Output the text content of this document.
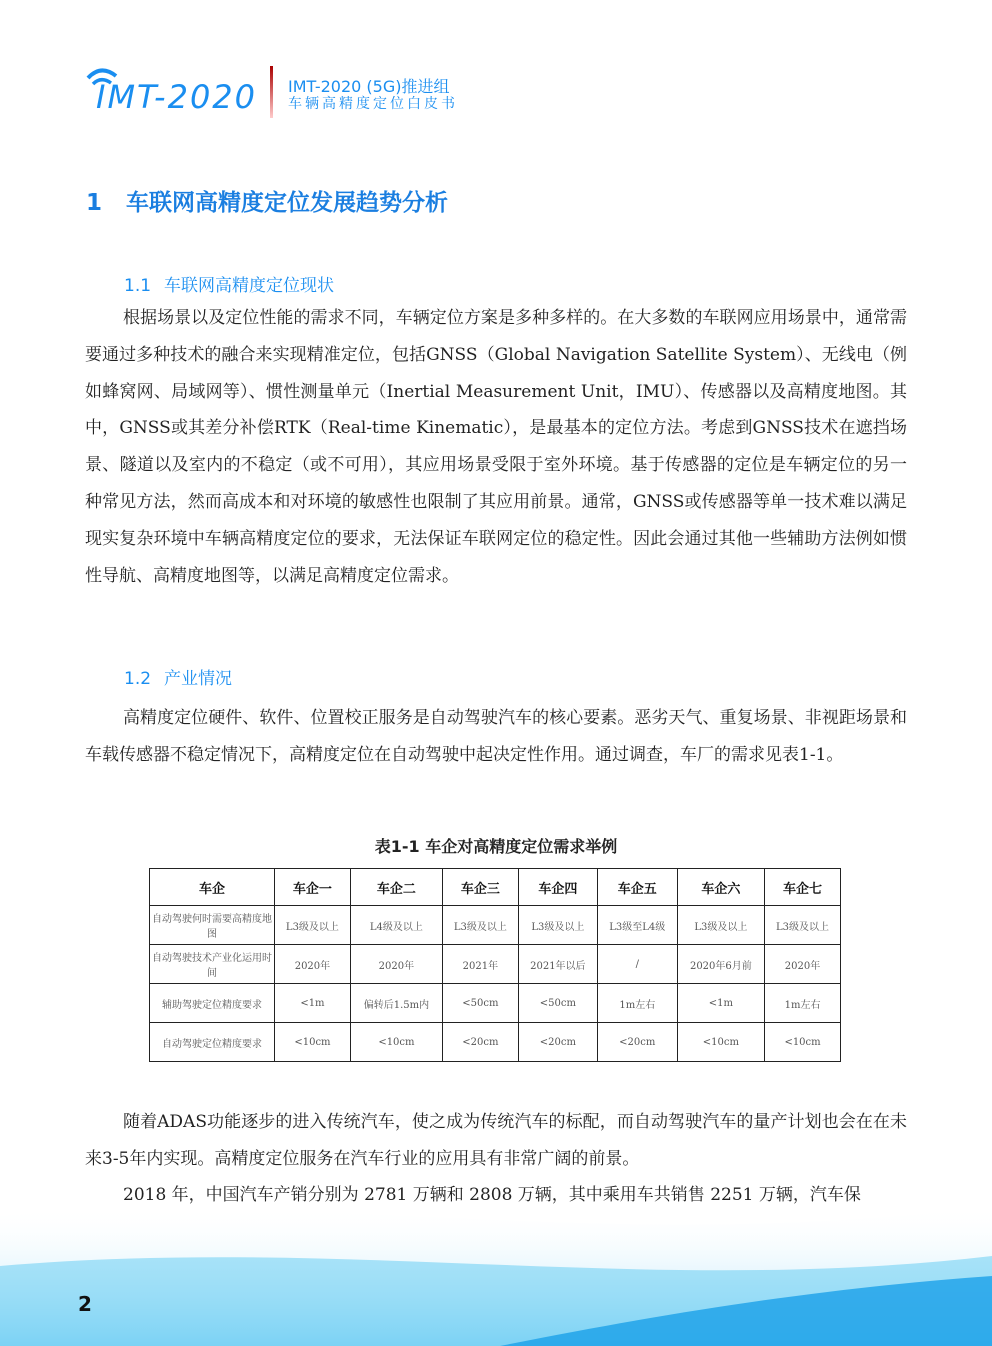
IMT-2020 IMT-2020 (5G)推进组
车辆高精度定位白皮书
1 车联网高精度定位发展趋势分析
1.1 车联网高精度定位现状
根据场景以及定位性能的需求不同，车辆定位方案是多种多样的。在大多数的车联网应用场景中，通常需要通过多种技术的融合来实现精准定位，包括GNSS（Global Navigation Satellite System）、无线电（例如蜂窝网、局域网等）、惯性测量单元（Inertial Measurement Unit，IMU）、传感器以及高精度地图。其中，GNSS或其差分补偿RTK（Real-time Kinematic），是最基本的定位方法。考虑到GNSS技术在遮挡场景、隧道以及室内的不稳定（或不可用），其应用场景受限于室外环境。基于传感器的定位是车辆定位的另一种常见方法，然而高成本和对环境的敏感性也限制了其应用前景。通常，GNSS或传感器等单一技术难以满足现实复杂环境中车辆高精度定位的要求，无法保证车联网定位的稳定性。因此会通过其他一些辅助方法例如惯性导航、高精度地图等，以满足高精度定位需求。
1.2 产业情况
高精度定位硬件、软件、位置校正服务是自动驾驶汽车的核心要素。恶劣天气、重复场景、非视距场景和车载传感器不稳定情况下，高精度定位在自动驾驶中起决定性作用。通过调查，车厂的需求见表1-1。
表1-1 车企对高精度定位需求举例
车企	车企一	车企二	车企三	车企四	车企五	车企六	车企七
自动驾驶何时需要高精度地图	L3级及以上	L4级及以上	L3级及以上	L3级及以上	L3级至L4级	L3级及以上	L3级及以上
自动驾驶技术产业化运用时间	2020年	2020年	2021年	2021年以后	/	2020年6月前	2020年
辅助驾驶定位精度要求	<1m	偏转后1.5m内	<50cm	<50cm	1m左右	<1m	1m左右
自动驾驶定位精度要求	<10cm	<10cm	<20cm	<20cm	<20cm	<10cm	<10cm
随着ADAS功能逐步的进入传统汽车，使之成为传统汽车的标配，而自动驾驶汽车的量产计划也会在在未来3-5年内实现。高精度定位服务在汽车行业的应用具有非常广阔的前景。
2018 年，中国汽车产销分别为 2781 万辆和 2808 万辆，其中乘用车共销售 2251 万辆，汽车保
2
